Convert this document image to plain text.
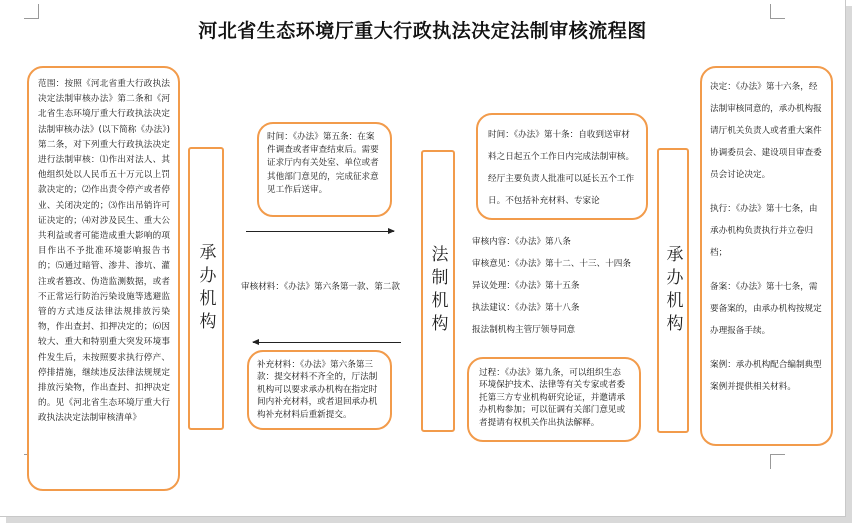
河北省生态环境厅重大行政执法决定法制审核流程图

范围：按照《河北省重大行政执法决定法制审核办法》第二条和《河北省生态环境厅重大行政执法决定法制审核办法》(以下简称《办法》)第二条，对下列重大行政执法决定进行法制审核：⑴作出对法人、其他组织处以人民币五十万元以上罚款决定的；⑵作出责令停产或者停业、关闭决定的；⑶作出吊销许可证决定的；⑷对涉及民生、重大公共利益或者可能造成重大影响的项目作出不予批准环境影响报告书的；⑸通过暗管、渗井、渗坑、灌注或者篡改、伪造监测数据，或者不正常运行防治污染设施等逃避监管的方式违反法律法规排放污染物，作出查封、扣押决定的；⑹因较大、重大和特别重大突发环境事件发生后，未按照要求执行停产、停排措施，继续违反法律法规规定排放污染物，作出查封、扣押决定的。见《河北省生态环境厅重大行政执法决定法制审核清单》

承办机构

时间：《办法》第五条：在案件调查或者审查结束后。需要证求厅内有关处室、单位或者其他部门意见的，完成征求意见工作后送审。

审核材料：《办法》第六条第一款、第二款

补充材料：《办法》第六条第三款：提交材料不齐全的，厅法制机构可以要求承办机构在指定时间内补充材料，或者退回承办机构补充材料后重新提交。

法制机构

时间：《办法》第十条：自收到送审材料之日起五个工作日内完成法制审核。经厅主要负责人批准可以延长五个工作日。不包括补充材料、专家论

审核内容：《办法》第八条
审核意见：《办法》第十二、十三、十四条
异议处理：《办法》第十五条
执法建议：《办法》第十八条
报法制机构主管厅领导同意

过程：《办法》第九条，可以组织生态环境保护技术、法律等有关专家或者委托第三方专业机构研究论证，并邀请承办机构参加；可以征调有关部门意见或者提请有权机关作出执法解释。

承办机构

决定：《办法》第十六条，经法制审核同意的，承办机构报请厅机关负责人或者重大案件协调委员会、建设项目审查委员会讨论决定。

执行：《办法》第十七条，由承办机构负责执行并立卷归档；

备案：《办法》第十七条，需要备案的，由承办机构按规定办理报备手续。

案例：承办机构配合编制典型案例并提供相关材料。
